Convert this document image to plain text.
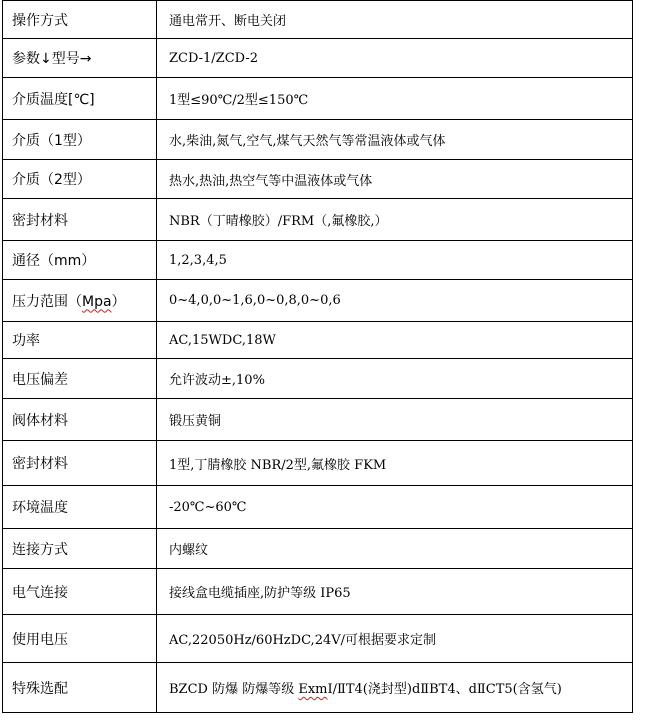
操作方式	通电常开、断电关闭
参数↓型号→	ZCD-1/ZCD-2
介质温度[℃]	1型≤90℃/2型≤150℃
介质（1型）	水,柴油,氮气,空气,煤气天然气等常温液体或气体
介质（2型）	热水,热油,热空气等中温液体或气体
密封材料	NBR（丁晴橡胶）/FRM（,氟橡胶,）
通径（mm）	1,2,3,4,5
压力范围（Mpa）	0~4,0,0~1,6,0~0,8,0~0,6
功率	AC,15WDC,18W
电压偏差	允许波动±,10%
阀体材料	锻压黄铜
密封材料	1型,丁腈橡胶 NBR/2型,氟橡胶 FKM
环境温度	-20℃~60℃
连接方式	内螺纹
电气连接	接线盒电缆插座,防护等级 IP65
使用电压	AC,22050Hz/60HzDC,24V/可根据要求定制
特殊选配	BZCD 防爆 防爆等级 ExmⅠ/ⅡT4(浇封型)dⅡBT4、dⅡCT5(含氢气)
